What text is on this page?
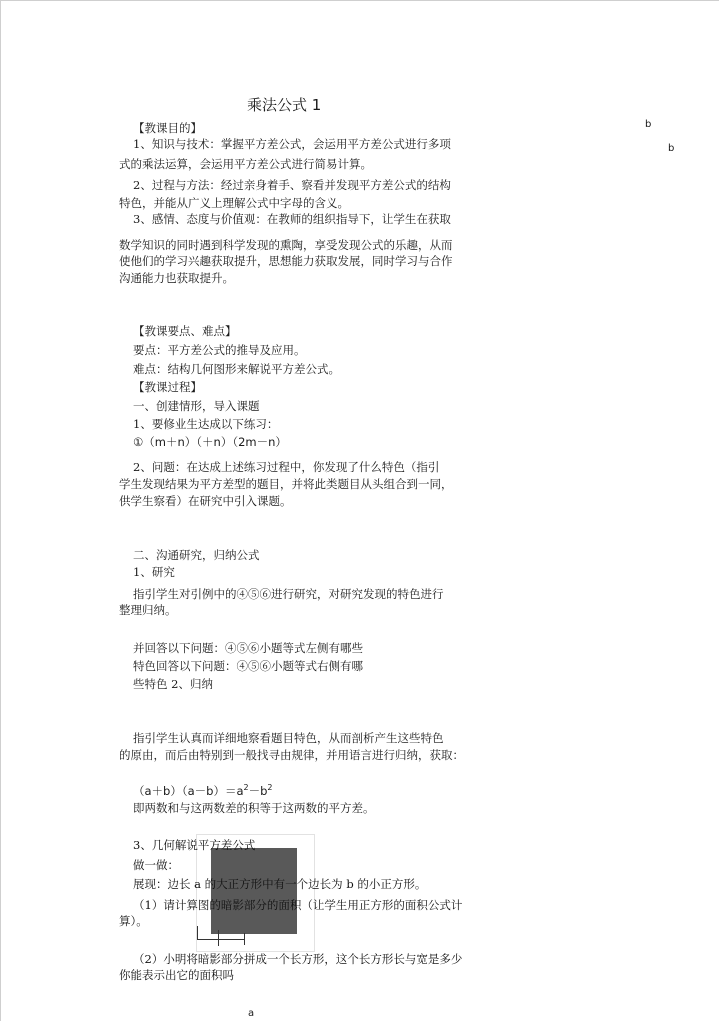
乘法公式 1
b
b
【教课目的】
1、知识与技术：掌握平方差公式，会运用平方差公式进行多项
式的乘法运算，会运用平方差公式进行简易计算。
2、过程与方法：经过亲身着手、察看并发现平方差公式的结构
特色，并能从广义上理解公式中字母的含义。
3、感情、态度与价值观：在教师的组织指导下，让学生在获取
数学知识的同时遇到科学发现的熏陶，享受发现公式的乐趣，从而
使他们的学习兴趣获取提升，思想能力获取发展，同时学习与合作
沟通能力也获取提升。
【教课要点、难点】
要点：平方差公式的推导及应用。
难点：结构几何图形来解说平方差公式。
【教课过程】
一、创建情形，导入课题
1、要修业生达成以下练习：
①（m＋n）（＋n）（2m－n）
2、问题：在达成上述练习过程中，你发现了什么特色（指引
学生发现结果为平方差型的题目，并将此类题目从头组合到一同，
供学生察看）在研究中引入课题。
二、沟通研究，归纳公式
1、研究
指引学生对引例中的④⑤⑥进行研究，对研究发现的特色进行
整理归纳。
并回答以下问题：④⑤⑥小题等式左侧有哪些
特色回答以下问题：④⑤⑥小题等式右侧有哪
些特色 2、归纳
指引学生认真而详细地察看题目特色，从而剖析产生这些特色
的原由，而后由特别到一般找寻由规律，并用语言进行归纳，获取：
$(a+b)(a-b)=a^2-b^2$
即两数和与这两数差的积等于这两数的平方差。
3、几何解说平方差公式
做一做：
展现：边长 a 的大正方形中有一个边长为 b 的小正方形。
（1）请计算图的暗影部分的面积（让学生用正方形的面积公式计
算）。
（2）小明将暗影部分拼成一个长方形，这个长方形长与宽是多少
你能表示出它的面积吗
a
